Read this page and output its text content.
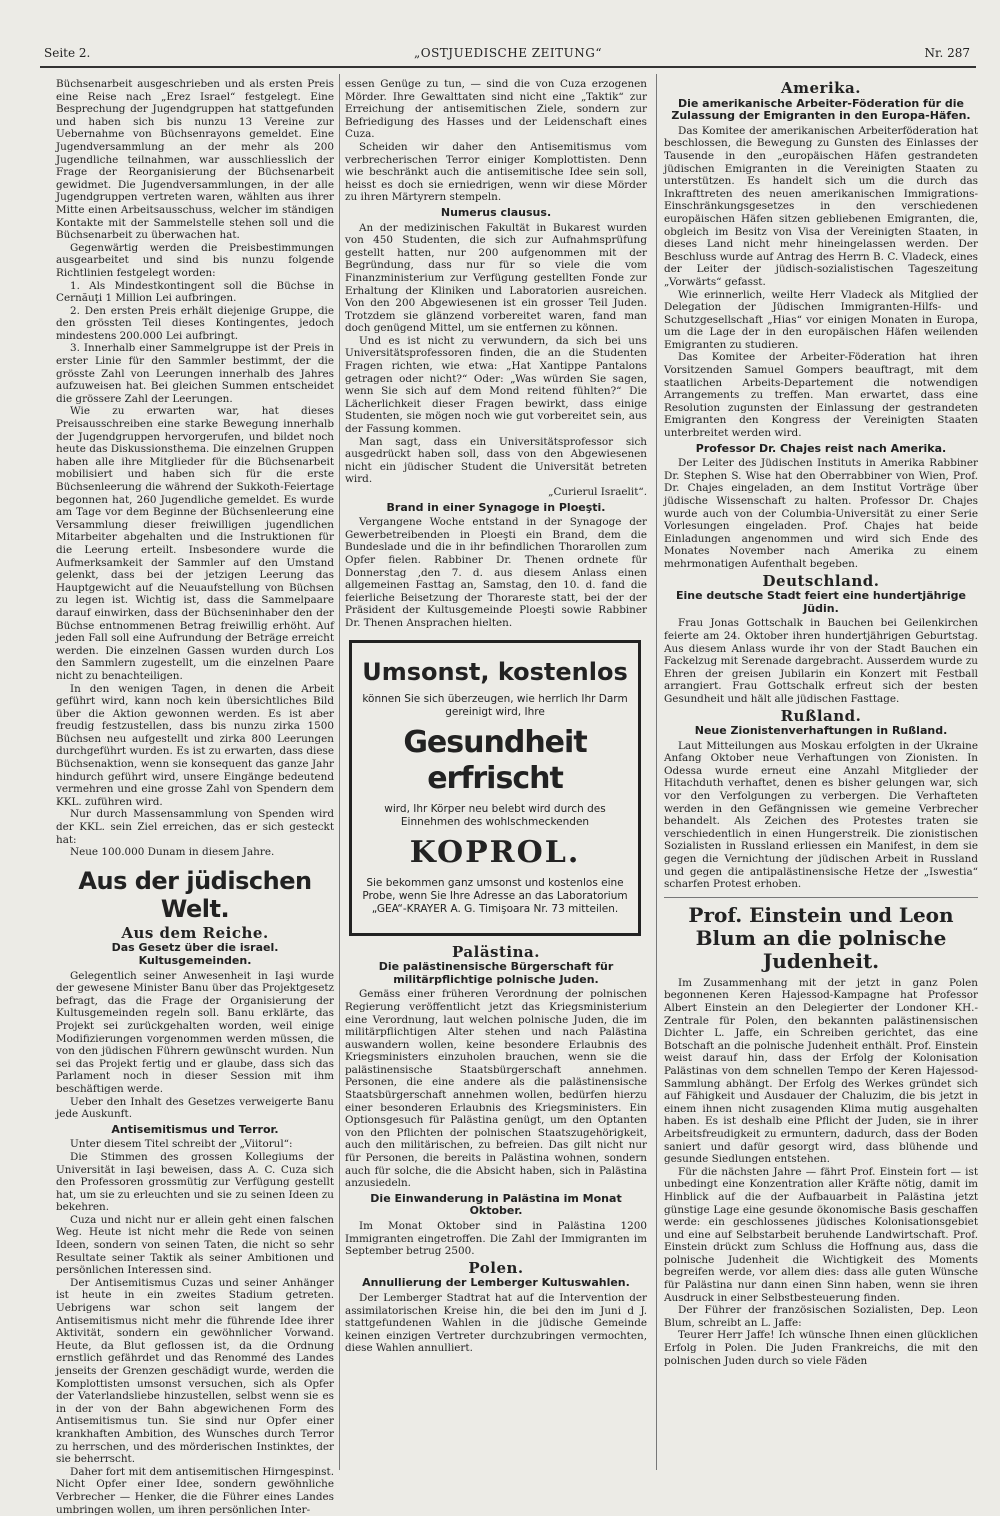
Seite 2.	„OSTJUEDISCHE ZEITUNG“	Nr. 287

Büchsenarbeit ausgeschrieben und als ersten Preis eine Reise nach „Erez Israel“ festgelegt. Eine Besprechung der Jugendgruppen hat stattgefunden und haben sich bis nunzu 13 Vereine zur Uebernahme von Büchsenrayons gemeldet. Eine Jugendversammlung an der mehr als 200 Jugendliche teilnahmen, war ausschliesslich der Frage der Reorganisierung der Büchsenarbeit gewidmet. Die Jugendversammlungen, in der alle Jugendgruppen vertreten waren, wählten aus ihrer Mitte einen Arbeitsausschuss, welcher im ständigen Kontakte mit der Sammelstelle stehen soll und die Büchsenarbeit zu überwachen hat.

Gegenwärtig werden die Preisbestimmungen ausgearbeitet und sind bis nunzu folgende Richtlinien festgelegt worden:

1. Als Mindestkontingent soll die Büchse in Cernăuţi 1 Million Lei aufbringen.

2. Den ersten Preis erhält diejenige Gruppe, die den grössten Teil dieses Kontingentes, jedoch mindestens 200.000 Lei aufbringt.

3. Innerhalb einer Sammelgruppe ist der Preis in erster Linie für den Sammler bestimmt, der die grösste Zahl von Leerungen innerhalb des Jahres aufzuweisen hat. Bei gleichen Summen entscheidet die grössere Zahl der Leerungen.

Wie zu erwarten war, hat dieses Preisausschreiben eine starke Bewegung innerhalb der Jugendgruppen hervorgerufen, und bildet noch heute das Diskussionsthema. Die einzelnen Gruppen haben alle ihre Mitglieder für die Büchsenarbeit mobilisiert und haben sich für die erste Büchsenleerung die während der Sukkoth-Feiertage begonnen hat, 260 Jugendliche gemeldet. Es wurde am Tage vor dem Beginne der Büchsenleerung eine Versammlung dieser freiwilligen jugendlichen Mitarbeiter abgehalten und die Instruktionen für die Leerung erteilt. Insbesondere wurde die Aufmerksamkeit der Sammler auf den Umstand gelenkt, dass bei der jetzigen Leerung das Hauptgewicht auf die Neuaufstellung von Büchsen zu legen ist. Wichtig ist, dass die Sammelpaare darauf einwirken, dass der Büchseninhaber den der Büchse entnommenen Betrag freiwillig erhöht. Auf jeden Fall soll eine Aufrundung der Beträge erreicht werden. Die einzelnen Gassen wurden durch Los den Sammlern zugestellt, um die einzelnen Paare nicht zu benachteiligen.

In den wenigen Tagen, in denen die Arbeit geführt wird, kann noch kein übersichtliches Bild über die Aktion gewonnen werden. Es ist aber freudig festzustellen, dass bis nunzu zirka 1500 Büchsen neu aufgestellt und zirka 800 Leerungen durchgeführt wurden. Es ist zu erwarten, dass diese Büchsenaktion, wenn sie konsequent das ganze Jahr hindurch geführt wird, unsere Eingänge bedeutend vermehren und eine grosse Zahl von Spendern dem KKL. zuführen wird.

Nur durch Massensammlung von Spenden wird der KKL. sein Ziel erreichen, das er sich gesteckt hat:

Neue 100.000 Dunam in diesem Jahre.

Aus der jüdischen Welt.
Aus dem Reiche.
Das Gesetz über die israel. Kultusgemeinden.

Gelegentlich seiner Anwesenheit in Iaşi wurde der gewesene Minister Banu über das Projektgesetz befragt, das die Frage der Organisierung der Kultusgemeinden regeln soll. Banu erklärte, das Projekt sei zurückgehalten worden, weil einige Modifizierungen vorgenommen werden müssen, die von den jüdischen Führern gewünscht wurden. Nun sei das Projekt fertig und er glaube, dass sich das Parlament noch in dieser Session mit ihm beschäftigen werde.

Ueber den Inhalt des Gesetzes verweigerte Banu jede Auskunft.

Antisemitismus und Terror.

Unter diesem Titel schreibt der „Viitorul“:

Die Stimmen des grossen Kollegiums der Universität in Iaşi beweisen, dass A. C. Cuza sich den Professoren grossmütig zur Verfügung gestellt hat, um sie zu erleuchten und sie zu seinen Ideen zu bekehren.

Cuza und nicht nur er allein geht einen falschen Weg. Heute ist nicht mehr die Rede von seinen Ideen, sondern von seinen Taten, die nicht so sehr Resultate seiner Taktik als seiner Ambitionen und persönlichen Interessen sind.

Der Antisemitismus Cuzas und seiner Anhänger ist heute in ein zweites Stadium getreten. Uebrigens war schon seit langem der Antisemitismus nicht mehr die führende Idee ihrer Aktivität, sondern ein gewöhnlicher Vorwand. Heute, da Blut geflossen ist, da die Ordnung ernstlich gefährdet und das Renommé des Landes jenseits der Grenzen geschädigt wurde, werden die Komplottisten umsonst versuchen, sich als Opfer der Vaterlandsliebe hinzustellen, selbst wenn sie es in der von der Bahn abgewichenen Form des Antisemitismus tun. Sie sind nur Opfer einer krankhaften Ambition, des Wunsches durch Terror zu herrschen, und des mörderischen Instinktes, der sie beherrscht.

Daher fort mit dem antisemitischen Hirngespinst. Nicht Opfer einer Idee, sondern gewöhnliche Verbrecher — Henker, die die Führer eines Landes umbringen wollen, um ihren persönlichen Inter-

essen Genüge zu tun, — sind die von Cuza erzogenen Mörder. Ihre Gewalttaten sind nicht eine „Taktik“ zur Erreichung der antisemitischen Ziele, sondern zur Befriedigung des Hasses und der Leidenschaft eines Cuza.

Scheiden wir daher den Antisemitismus vom verbrecherischen Terror einiger Komplottisten. Denn wie beschränkt auch die antisemitische Idee sein soll, heisst es doch sie erniedrigen, wenn wir diese Mörder zu ihren Märtyrern stempeln.

Numerus clausus.

An der medizinischen Fakultät in Bukarest wurden von 450 Studenten, die sich zur Aufnahmsprüfung gestellt hatten, nur 200 aufgenommen mit der Begründung, dass nur für so viele die vom Finanzministerium zur Verfügung gestellten Fonde zur Erhaltung der Kliniken und Laboratorien ausreichen. Von den 200 Abgewiesenen ist ein grosser Teil Juden. Trotzdem sie glänzend vorbereitet waren, fand man doch genügend Mittel, um sie entfernen zu können.

Und es ist nicht zu verwundern, da sich bei uns Universitätsprofessoren finden, die an die Studenten Fragen richten, wie etwa: „Hat Xantippe Pantalons getragen oder nicht?“ Oder: „Was würden Sie sagen, wenn Sie sich auf dem Mond reitend fühlten?“ Die Lächerlichkeit dieser Fragen bewirkt, dass einige Studenten, sie mögen noch wie gut vorbereitet sein, aus der Fassung kommen.

Man sagt, dass ein Universitätsprofessor sich ausgedrückt haben soll, dass von den Abgewiesenen nicht ein jüdischer Student die Universität betreten wird.

„Curierul Israelit“.
Brand in einer Synagoge in Ploeşti.

Vergangene Woche entstand in der Synagoge der Gewerbetreibenden in Ploeşti ein Brand, dem die Bundeslade und die in ihr befindlichen Thorarollen zum Opfer fielen. Rabbiner Dr. Thenen ordnete für Donnerstag ,den 7. d. aus diesem Anlass einen allgemeinen Fasttag an, Samstag, den 10. d. fand die feierliche Beisetzung der Thorareste statt, bei der der Präsident der Kultusgemeinde Ploeşti sowie Rabbiner Dr. Thenen Ansprachen hielten.

Umsonst, kostenlos
können Sie sich überzeugen, wie herrlich Ihr Darm gereinigt wird, Ihre
Gesundheit erfrischt
wird, Ihr Körper neu belebt wird durch des Einnehmen des wohlschmeckenden
KOPROL.
Sie bekommen ganz umsonst und kostenlos eine Probe, wenn Sie Ihre Adresse an das Laboratorium „GEA“-KRAYER A. G. Timişoara Nr. 73 mitteilen.
Palästina.
Die palästinensische Bürgerschaft für militärpflichtige polnische Juden.

Gemäss einer früheren Verordnung der polnischen Regierung veröffentlicht jetzt das Kriegsministerium eine Verordnung, laut welchen polnische Juden, die im militärpflichtigen Alter stehen und nach Palästina auswandern wollen, keine besondere Erlaubnis des Kriegsministers einzuholen brauchen, wenn sie die palästinensische Staatsbürgerschaft annehmen. Personen, die eine andere als die palästinensische Staatsbürgerschaft annehmen wollen, bedürfen hierzu einer besonderen Erlaubnis des Kriegsministers. Ein Optionsgesuch für Palästina genügt, um den Optanten von den Pflichten der polnischen Staatszugehörigkeit, auch den militärischen, zu befreien. Das gilt nicht nur für Personen, die bereits in Palästina wohnen, sondern auch für solche, die die Absicht haben, sich in Palästina anzusiedeln.

Die Einwanderung in Palästina im Monat Oktober.

Im Monat Oktober sind in Palästina 1200 Immigranten eingetroffen. Die Zahl der Immigranten im September betrug 2500.

Polen.
Annullierung der Lemberger Kultuswahlen.

Der Lemberger Stadtrat hat auf die Intervention der assimilatorischen Kreise hin, die bei den im Juni d J. stattgefundenen Wahlen in die jüdische Gemeinde keinen einzigen Vertreter durchzubringen vermochten, diese Wahlen annulliert.

Amerika.
Die amerikanische Arbeiter-Föderation für die Zulassung der Emigranten in den Europa-Häfen.

Das Komitee der amerikanischen Arbeiterföderation hat beschlossen, die Bewegung zu Gunsten des Einlasses der Tausende in den „europäischen Häfen gestrandeten jüdischen Emigranten in die Vereinigten Staaten zu unterstützen. Es handelt sich um die durch das Inkrafttreten des neuen amerikanischen Immigrations-Einschränkungsgesetzes in den verschiedenen europäischen Häfen sitzen gebliebenen Emigranten, die, obgleich im Besitz von Visa der Vereinigten Staaten, in dieses Land nicht mehr hineingelassen werden. Der Beschluss wurde auf Antrag des Herrn B. C. Vladeck, eines der Leiter der jüdisch-sozialistischen Tageszeitung „Vorwärts“ gefasst.

Wie erinnerlich, weilte Herr Vladeck als Mitglied der Delegation der Jüdischen Immigranten-Hilfs- und Schutzgesellschaft „Hias“ vor einigen Monaten in Europa, um die Lage der in den europäischen Häfen weilenden Emigranten zu studieren.

Das Komitee der Arbeiter-Föderation hat ihren Vorsitzenden Samuel Gompers beauftragt, mit dem staatlichen Arbeits-Departement die notwendigen Arrangements zu treffen. Man erwartet, dass eine Resolution zugunsten der Einlassung der gestrandeten Emigranten den Kongress der Vereinigten Staaten unterbreitet werden wird.

Professor Dr. Chajes reist nach Amerika.

Der Leiter des Jüdischen Instituts in Amerika Rabbiner Dr. Stephen S. Wise hat den Oberrabbiner von Wien, Prof. Dr. Chajes eingeladen, an dem Institut Vorträge über jüdische Wissenschaft zu halten. Professor Dr. Chajes wurde auch von der Columbia-Universität zu einer Serie Vorlesungen eingeladen. Prof. Chajes hat beide Einladungen angenommen und wird sich Ende des Monates November nach Amerika zu einem mehrmonatigen Aufenthalt begeben.

Deutschland.
Eine deutsche Stadt feiert eine hundertjährige Jüdin.

Frau Jonas Gottschalk in Bauchen bei Geilenkirchen feierte am 24. Oktober ihren hundertjährigen Geburtstag. Aus diesem Anlass wurde ihr von der Stadt Bauchen ein Fackelzug mit Serenade dargebracht. Ausserdem wurde zu Ehren der greisen Jubilarin ein Konzert mit Festball arrangiert. Frau Gottschalk erfreut sich der besten Gesundheit und hält alle jüdischen Fasttage.

Rußland.
Neue Zionistenverhaftungen in Rußland.

Laut Mitteilungen aus Moskau erfolgten in der Ukraine Anfang Oktober neue Verhaftungen von Zionisten. In Odessa wurde erneut eine Anzahl Mitglieder der Hitachduth verhaftet, denen es bisher gelungen war, sich vor den Verfolgungen zu verbergen. Die Verhafteten werden in den Gefängnissen wie gemeine Verbrecher behandelt. Als Zeichen des Protestes traten sie verschiedentlich in einen Hungerstreik. Die zionistischen Sozialisten in Russland erliessen ein Manifest, in dem sie gegen die Vernichtung der jüdischen Arbeit in Russland und gegen die antipalästinensische Hetze der „Iswestia“ scharfen Protest erhoben.

Prof. Einstein und Leon Blum an die polnische Judenheit.

Im Zusammenhang mit der jetzt in ganz Polen begonnenen Keren Hajessod-Kampagne hat Professor Albert Einstein an den Delegierter der Londoner KH.-Zentrale für Polen, den bekannten palästinensischen Dichter L. Jaffe, ein Schreiben gerichtet, das eine Botschaft an die polnische Judenheit enthält. Prof. Einstein weist darauf hin, dass der Erfolg der Kolonisation Palästinas von dem schnellen Tempo der Keren Hajessod-Sammlung abhängt. Der Erfolg des Werkes gründet sich auf Fähigkeit und Ausdauer der Chaluzim, die bis jetzt in einem ihnen nicht zusagenden Klima mutig ausgehalten haben. Es ist deshalb eine Pflicht der Juden, sie in ihrer Arbeitsfreudigkeit zu ermuntern, dadurch, dass der Boden saniert und dafür gesorgt wird, dass blühende und gesunde Siedlungen entstehen.

Für die nächsten Jahre — fährt Prof. Einstein fort — ist unbedingt eine Konzentration aller Kräfte nötig, damit im Hinblick auf die der Aufbauarbeit in Palästina jetzt günstige Lage eine gesunde ökonomische Basis geschaffen werde: ein geschlossenes jüdisches Kolonisationsgebiet und eine auf Selbstarbeit beruhende Landwirtschaft. Prof. Einstein drückt zum Schluss die Hoffnung aus, dass die polnische Judenheit die Wichtigkeit des Moments begreifen werde, vor allem dies: dass alle guten Wünsche für Palästina nur dann einen Sinn haben, wenn sie ihren Ausdruck in einer Selbstbesteuerung finden.

Der Führer der französischen Sozialisten, Dep. Leon Blum, schreibt an L. Jaffe:

Teurer Herr Jaffe! Ich wünsche Ihnen einen glücklichen Erfolg in Polen. Die Juden Frankreichs, die mit den polnischen Juden durch so viele Fäden
